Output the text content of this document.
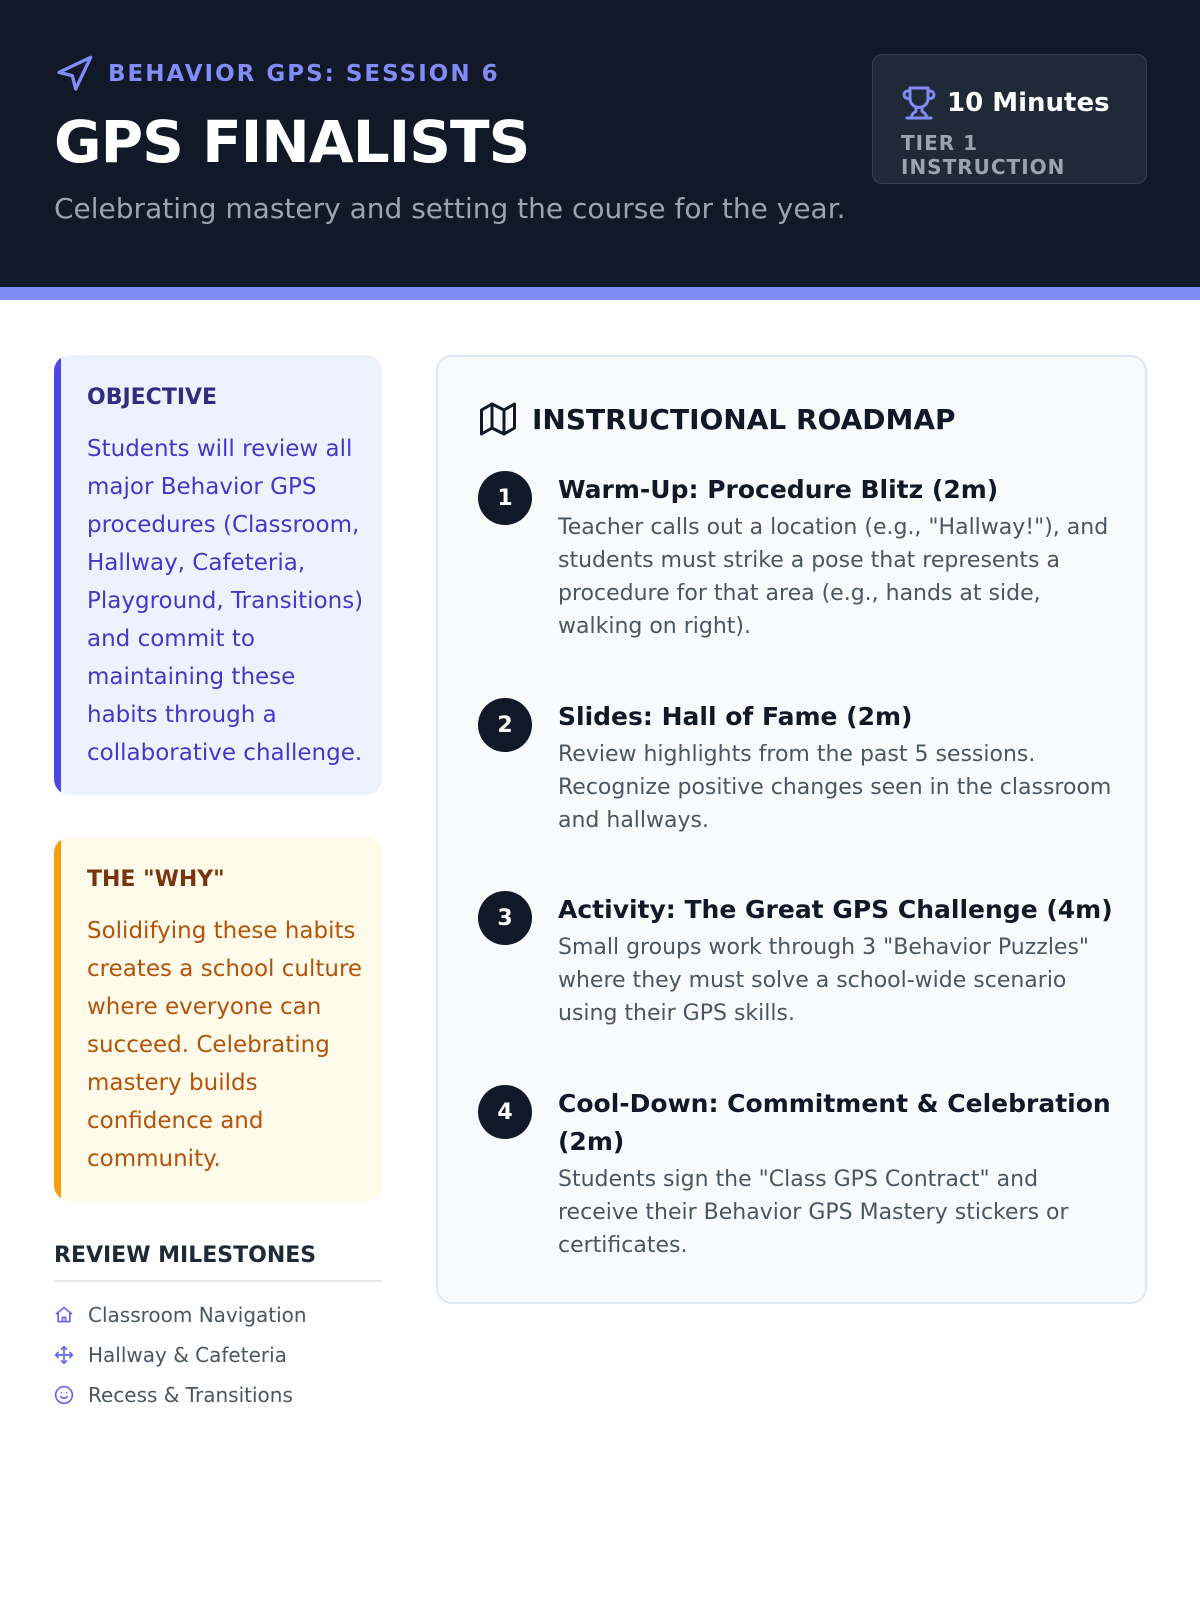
BEHAVIOR GPS: SESSION 6
GPS FINALISTS
Celebrating mastery and setting the course for the year.
10 Minutes
TIER 1 INSTRUCTION
OBJECTIVE
Students will review all major Behavior GPS procedures (Classroom, Hallway, Cafeteria, Playground, Transitions) and commit to maintaining these habits through a collaborative challenge.
THE "WHY"
Solidifying these habits creates a school culture where everyone can succeed. Celebrating mastery builds confidence and community.
REVIEW MILESTONES
Classroom Navigation
Hallway & Cafeteria
Recess & Transitions
INSTRUCTIONAL ROADMAP
1	Warm-Up: Procedure Blitz (2m)
Teacher calls out a location (e.g., "Hallway!"), and students must strike a pose that represents a procedure for that area (e.g., hands at side, walking on right).
2	Slides: Hall of Fame (2m)
Review highlights from the past 5 sessions. Recognize positive changes seen in the classroom and hallways.
3	Activity: The Great GPS Challenge (4m)
Small groups work through 3 "Behavior Puzzles" where they must solve a school-wide scenario using their GPS skills.
4	Cool-Down: Commitment & Celebration (2m)
Students sign the "Class GPS Contract" and receive their Behavior GPS Mastery stickers or certificates.
